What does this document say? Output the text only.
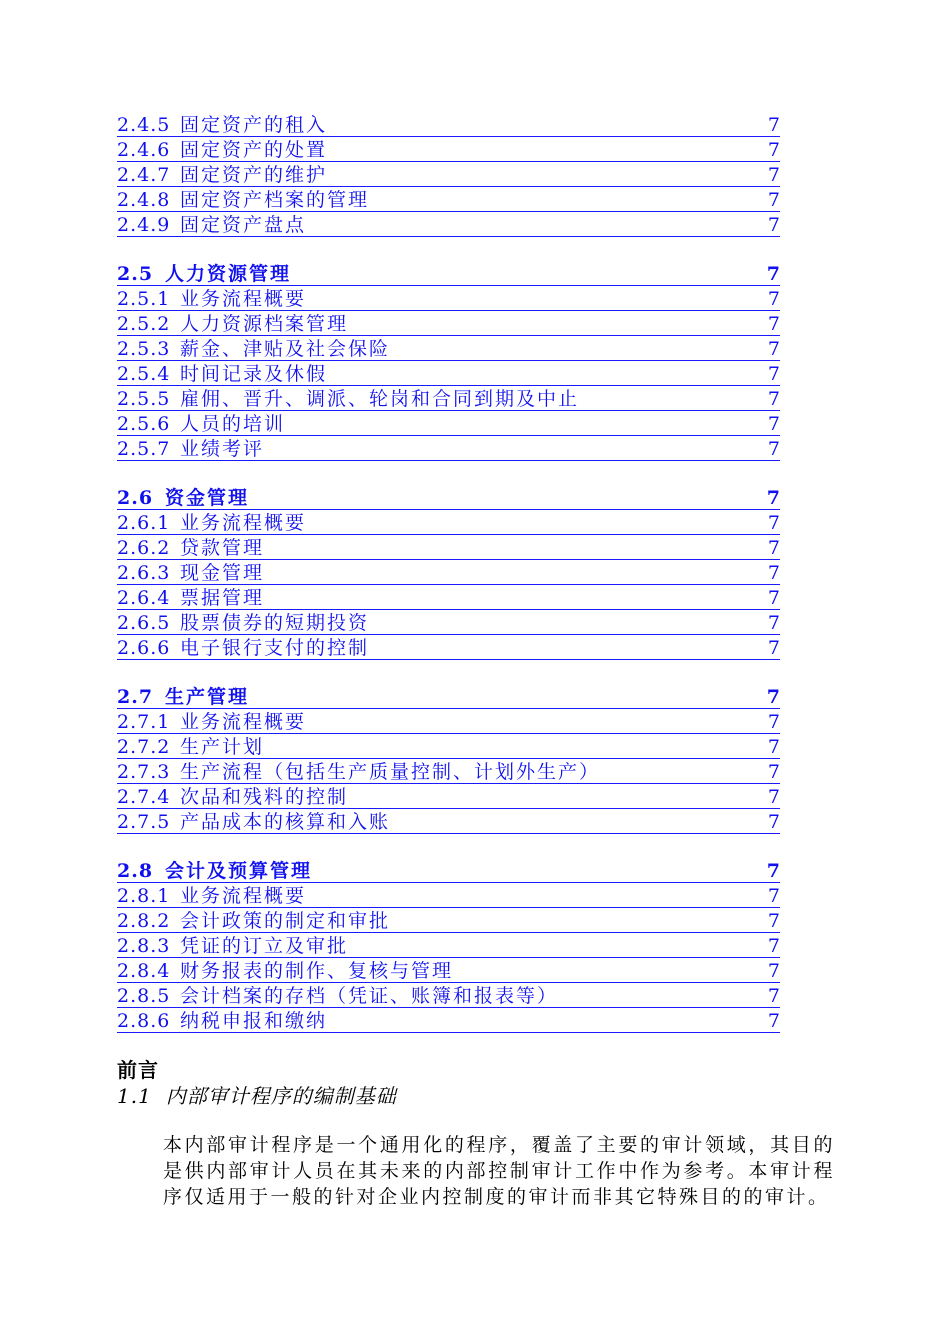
2.4.5 固定资产的租入	7
2.4.6 固定资产的处置	7
2.4.7 固定资产的维护	7
2.4.8 固定资产档案的管理	7
2.4.9 固定资产盘点	7
2.5 人力资源管理	7
2.5.1 业务流程概要	7
2.5.2 人力资源档案管理	7
2.5.3 薪金、津贴及社会保险	7
2.5.4 时间记录及休假	7
2.5.5 雇佣、晋升、调派、轮岗和合同到期及中止	7
2.5.6 人员的培训	7
2.5.7 业绩考评	7
2.6 资金管理	7
2.6.1 业务流程概要	7
2.6.2 贷款管理	7
2.6.3 现金管理	7
2.6.4 票据管理	7
2.6.5 股票债券的短期投资	7
2.6.6 电子银行支付的控制	7
2.7 生产管理	7
2.7.1 业务流程概要	7
2.7.2 生产计划	7
2.7.3 生产流程（包括生产质量控制、计划外生产）	7
2.7.4 次品和残料的控制	7
2.7.5 产品成本的核算和入账	7
2.8 会计及预算管理	7
2.8.1 业务流程概要	7
2.8.2 会计政策的制定和审批	7
2.8.3 凭证的订立及审批	7
2.8.4 财务报表的制作、复核与管理	7
2.8.5 会计档案的存档（凭证、账簿和报表等）	7
2.8.6 纳税申报和缴纳	7
前言
1.1 内部审计程序的编制基础
本内部审计程序是一个通用化的程序，覆盖了主要的审计领域，其目的是供内部审计人员在其未来的内部控制审计工作中作为参考。本审计程序仅适用于一般的针对企业内控制度的审计而非其它特殊目的的审计。
